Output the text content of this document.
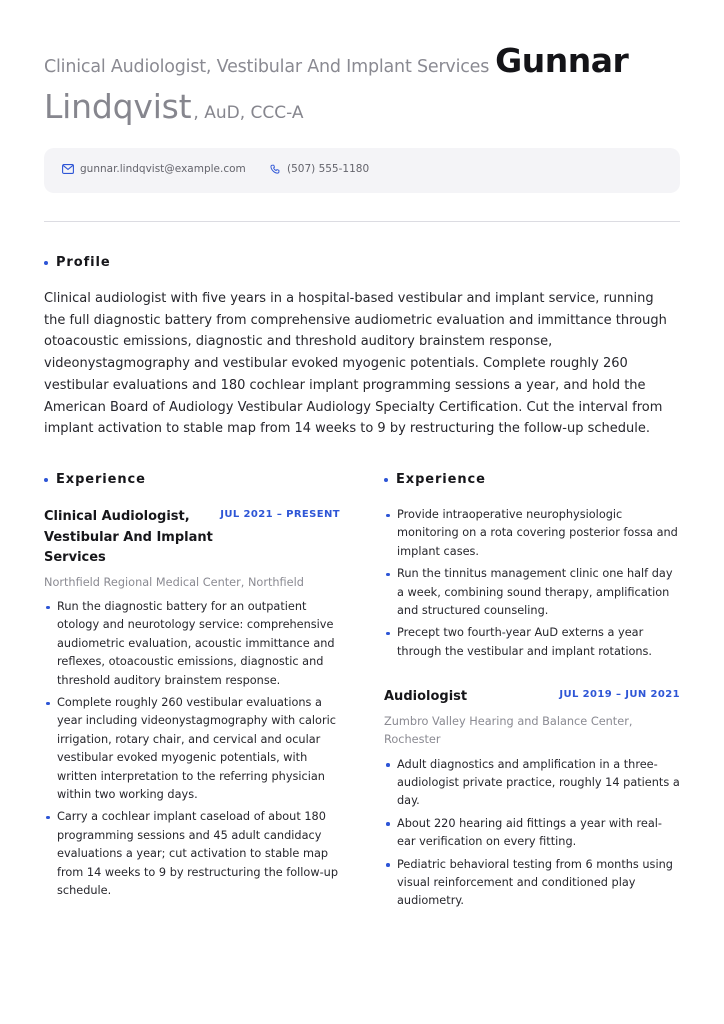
Clinical Audiologist, Vestibular And Implant Services Gunnar
Lindqvist , AuD, CCC-A
gunnar.lindqvist@example.com	(507) 555-1180
Profile

Clinical audiologist with five years in a hospital-based vestibular and implant service, running the full diagnostic battery from comprehensive audiometric evaluation and immittance through otoacoustic emissions, diagnostic and threshold auditory brainstem response, videonystagmography and vestibular evoked myogenic potentials. Complete roughly 260 vestibular evaluations and 180 cochlear implant programming sessions a year, and hold the American Board of Audiology Vestibular Audiology Specialty Certification. Cut the interval from implant activation to stable map from 14 weeks to 9 by restructuring the follow-up schedule.

Experience
Clinical Audiologist, Vestibular And Implant Services
JUL 2021 – PRESENT

Northfield Regional Medical Center, Northfield

Run the diagnostic battery for an outpatient otology and neurotology service: comprehensive audiometric evaluation, acoustic immittance and reflexes, otoacoustic emissions, diagnostic and threshold auditory brainstem response.
Complete roughly 260 vestibular evaluations a year including videonystagmography with caloric irrigation, rotary chair, and cervical and ocular vestibular evoked myogenic potentials, with written interpretation to the referring physician within two working days.
Carry a cochlear implant caseload of about 180 programming sessions and 45 adult candidacy evaluations a year; cut activation to stable map from 14 weeks to 9 by restructuring the follow-up schedule.
Experience
Provide intraoperative neurophysiologic monitoring on a rota covering posterior fossa and implant cases.
Run the tinnitus management clinic one half day a week, combining sound therapy, amplification and structured counseling.
Precept two fourth-year AuD externs a year through the vestibular and implant rotations.
Audiologist	JUL 2019 – JUN 2021

Zumbro Valley Hearing and Balance Center, Rochester

Adult diagnostics and amplification in a three-audiologist private practice, roughly 14 patients a day.
About 220 hearing aid fittings a year with real-ear verification on every fitting.
Pediatric behavioral testing from 6 months using visual reinforcement and conditioned play audiometry.
